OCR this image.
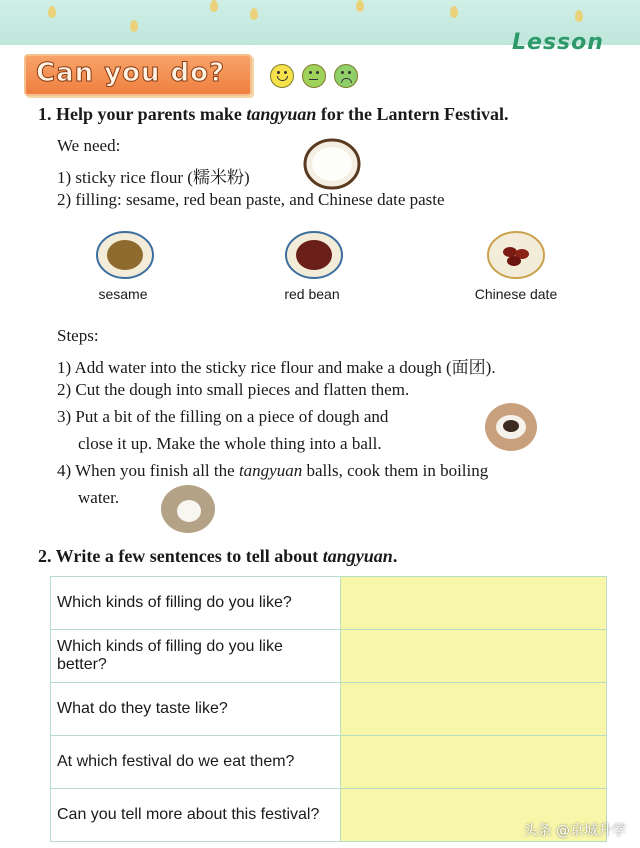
Lesson
Can you do?
1. Help your parents make tangyuan for the Lantern Festival.
We need:
1) sticky rice flour (糯米粉)
2) filling: sesame, red bean paste, and Chinese date paste
sesame	red bean	Chinese date
Steps:
1) Add water into the sticky rice flour and make a dough (面团).
2) Cut the dough into small pieces and flatten them.
3) Put a bit of the filling on a piece of dough and
close it up. Make the whole thing into a ball.
4) When you finish all the tangyuan balls, cook them in boiling
water.
2. Write a few sentences to tell about tangyuan.
Which kinds of filling do you like?	
Which kinds of filling do you like better?	
What do they taste like?	
At which festival do we eat them?	
Can you tell more about this festival?	
头条 @京城升学
